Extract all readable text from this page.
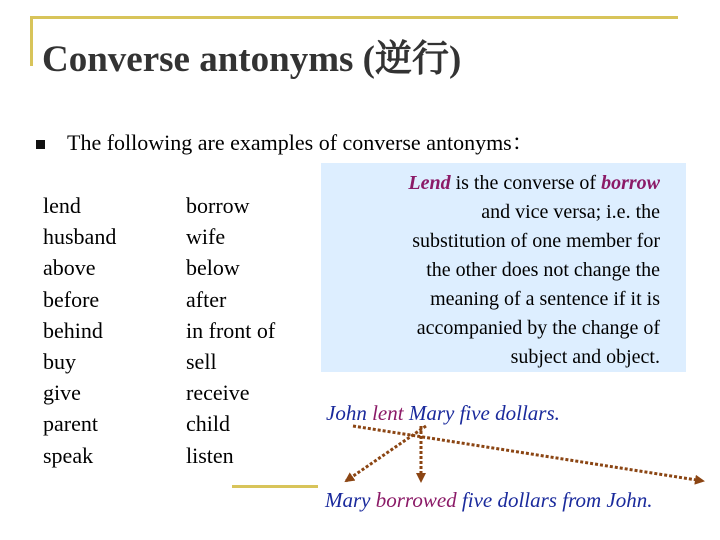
Converse antonyms (逆行)
The following are examples of converse antonyms：
lend
husband
above
before
behind
buy
give
parent
speak
borrow
wife
below
after
in front of
sell
receive
child
listen
Lend is the converse of borrow
and vice versa; i.e. the
substitution of one member for
the other does not change the
meaning of a sentence if it is
accompanied by the change of
subject and object.
John lent Mary five dollars.
Mary borrowed five dollars from John.
